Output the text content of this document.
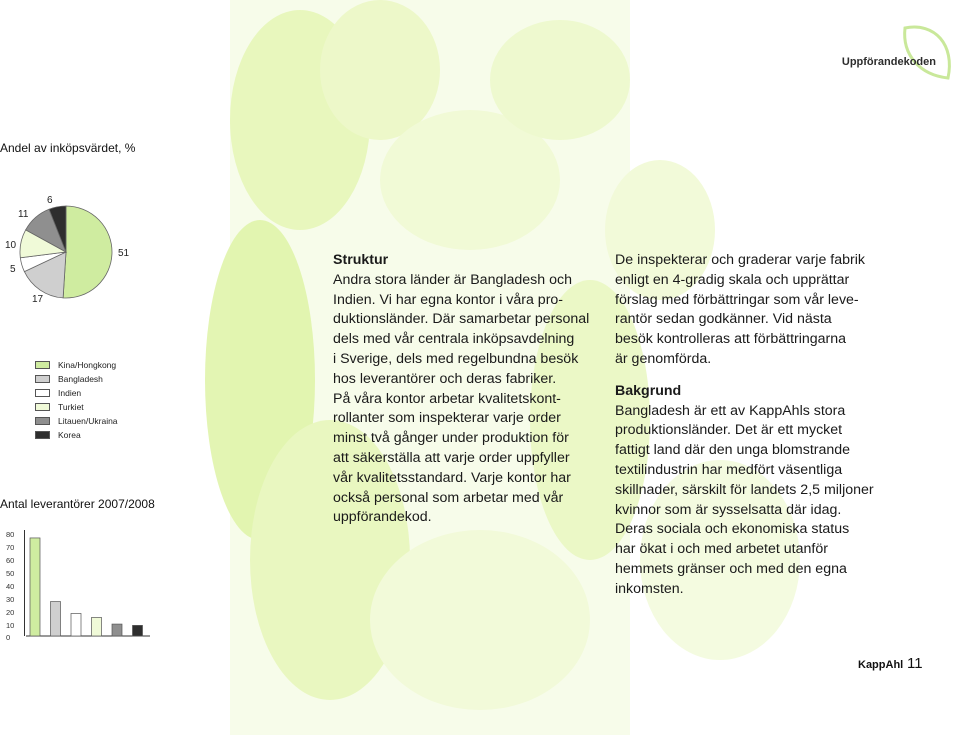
Uppförandekoden
Andel av inköpsvärdet, %
51
17
5
10
11
6
Kina/Hongkong
Bangladesh
Indien
Turkiet
Litauen/Ukraina
Korea
Antal leverantörer 2007/2008
80
70
60
50
40
30
20
10
0

Struktur

Andra stora länder är Bangladesh och

Indien. Vi har egna kontor i våra pro-

duktionsländer. Där samarbetar personal

dels med vår centrala inköpsavdelning

i Sverige, dels med regelbundna besök

hos leverantörer och deras fabriker.

På våra kontor arbetar kvalitetskont-

rollanter som inspekterar varje order

minst två gånger under produktion för

att säkerställa att varje order uppfyller

vår kvalitetsstandard. Varje kontor har

också personal som arbetar med vår

uppförandekod.

De inspekterar och graderar varje fabrik

enligt en 4-gradig skala och upprättar

förslag med förbättringar som vår leve-

rantör sedan godkänner. Vid nästa

besök kontrolleras att förbättringarna

är genomförda.

Bakgrund

Bangladesh är ett av KappAhls stora

produktionsländer. Det är ett mycket

fattigt land där den unga blomstrande

textilindustrin har medfört väsentliga

skillnader, särskilt för landets 2,5 miljoner

kvinnor som är sysselsatta där idag.

Deras sociala och ekonomiska status

har ökat i och med arbetet utanför

hemmets gränser och med den egna

inkomsten.

KappAhl 11
